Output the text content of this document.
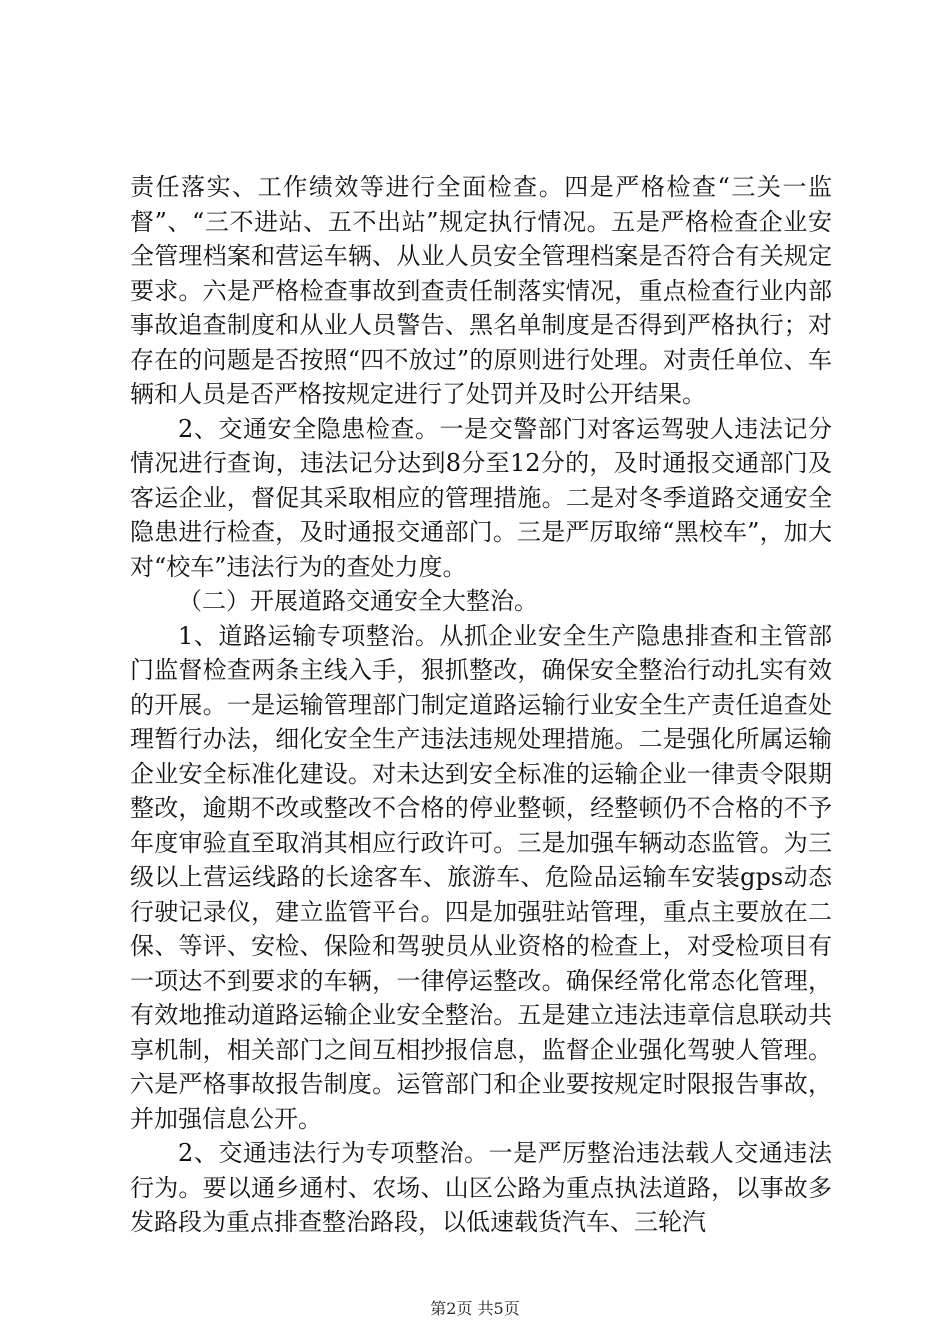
责任落实、工作绩效等进行全面检查。四是严格检查“三关一监督”、“三不进站、五不出站”规定执行情况。五是严格检查企业安全管理档案和营运车辆、从业人员安全管理档案是否符合有关规定要求。六是严格检查事故到查责任制落实情况，重点检查行业内部事故追查制度和从业人员警告、黑名单制度是否得到严格执行；对存在的问题是否按照“四不放过”的原则进行处理。对责任单位、车辆和人员是否严格按规定进行了处罚并及时公开结果。

2、交通安全隐患检查。一是交警部门对客运驾驶人违法记分情况进行查询，违法记分达到8分至12分的，及时通报交通部门及客运企业，督促其采取相应的管理措施。二是对冬季道路交通安全隐患进行检查，及时通报交通部门。三是严厉取缔“黑校车”，加大对“校车”违法行为的查处力度。

（二）开展道路交通安全大整治。

1、道路运输专项整治。从抓企业安全生产隐患排查和主管部门监督检查两条主线入手，狠抓整改，确保安全整治行动扎实有效的开展。一是运输管理部门制定道路运输行业安全生产责任追查处理暂行办法，细化安全生产违法违规处理措施。二是强化所属运输企业安全标准化建设。对未达到安全标准的运输企业一律责令限期整改，逾期不改或整改不合格的停业整顿，经整顿仍不合格的不予年度审验直至取消其相应行政许可。三是加强车辆动态监管。为三级以上营运线路的长途客车、旅游车、危险品运输车安装gps动态行驶记录仪，建立监管平台。四是加强驻站管理，重点主要放在二保、等评、安检、保险和驾驶员从业资格的检查上，对受检项目有一项达不到要求的车辆，一律停运整改。确保经常化常态化管理，有效地推动道路运输企业安全整治。五是建立违法违章信息联动共享机制，相关部门之间互相抄报信息，监督企业强化驾驶人管理。六是严格事故报告制度。运管部门和企业要按规定时限报告事故，并加强信息公开。

2、交通违法行为专项整治。一是严厉整治违法载人交通违法行为。要以通乡通村、农场、山区公路为重点执法道路，以事故多发路段为重点排查整治路段，以低速载货汽车、三轮汽

第2页 共5页
